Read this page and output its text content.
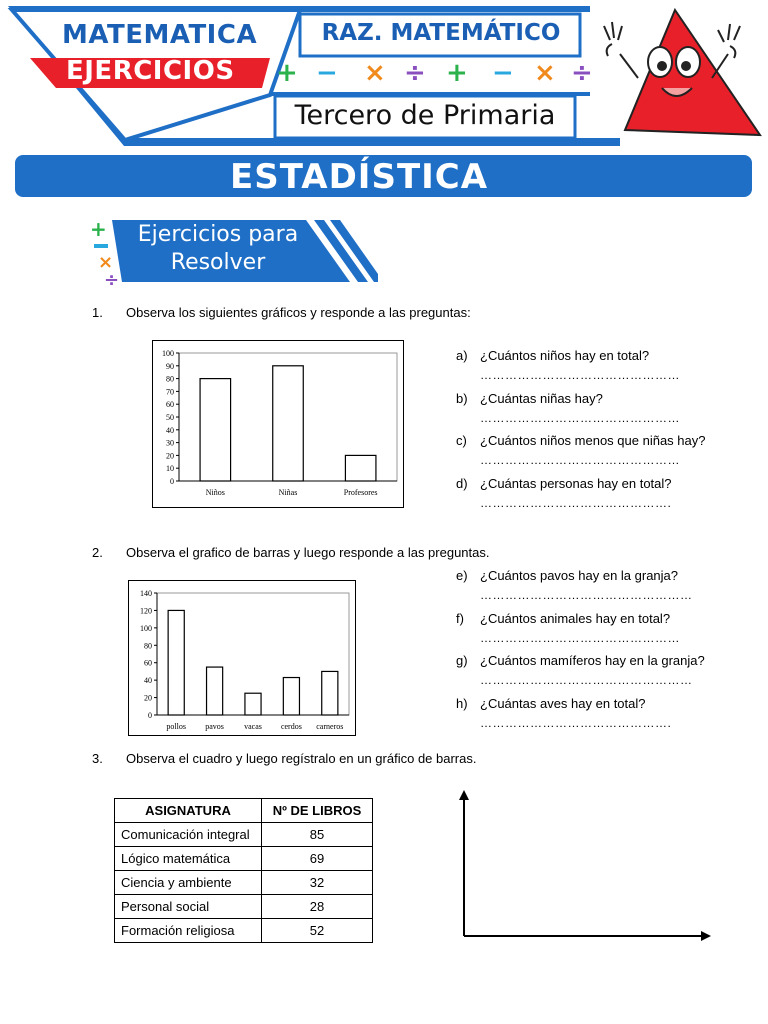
MATEMATICA
EJERCICIOS
RAZ. MATEMÁTICO
Tercero de Primaria
+ − × ÷ + − × ÷
ESTADÍSTICA
+
×
÷
Ejercicios para
Resolver
1. Observa los siguientes gráficos y responde a las preguntas:
0
10
20
30
40
50
60
70
80
90
100
Niños	Niñas	Profesores
a) ¿Cuántos niños hay en total?
…………………………………………
b) ¿Cuántas niñas hay?
…………………………………………
c) ¿Cuántos niños menos que niñas hay?
…………………………………………
d) ¿Cuántas personas hay en total?
……………………………………….
2. Observa el grafico de barras y luego responde a las preguntas.
0
20
40
60
80
100
120
140
pollos pavos	vacas cerdos carneros
e) ¿Cuántos pavos hay en la granja?
……………………………………………
f) ¿Cuántos animales hay en total?
…………………………………………
g) ¿Cuántos mamíferos hay en la granja?
……………………………………………
h) ¿Cuántas aves hay en total?
……………………………………….
3. Observa el cuadro y luego regístralo en un gráfico de barras.
ASIGNATURA	Nº DE LIBROS
Comunicación integral	85
Lógico matemática	69
Ciencia y ambiente	32
Personal social	28
Formación religiosa	52
